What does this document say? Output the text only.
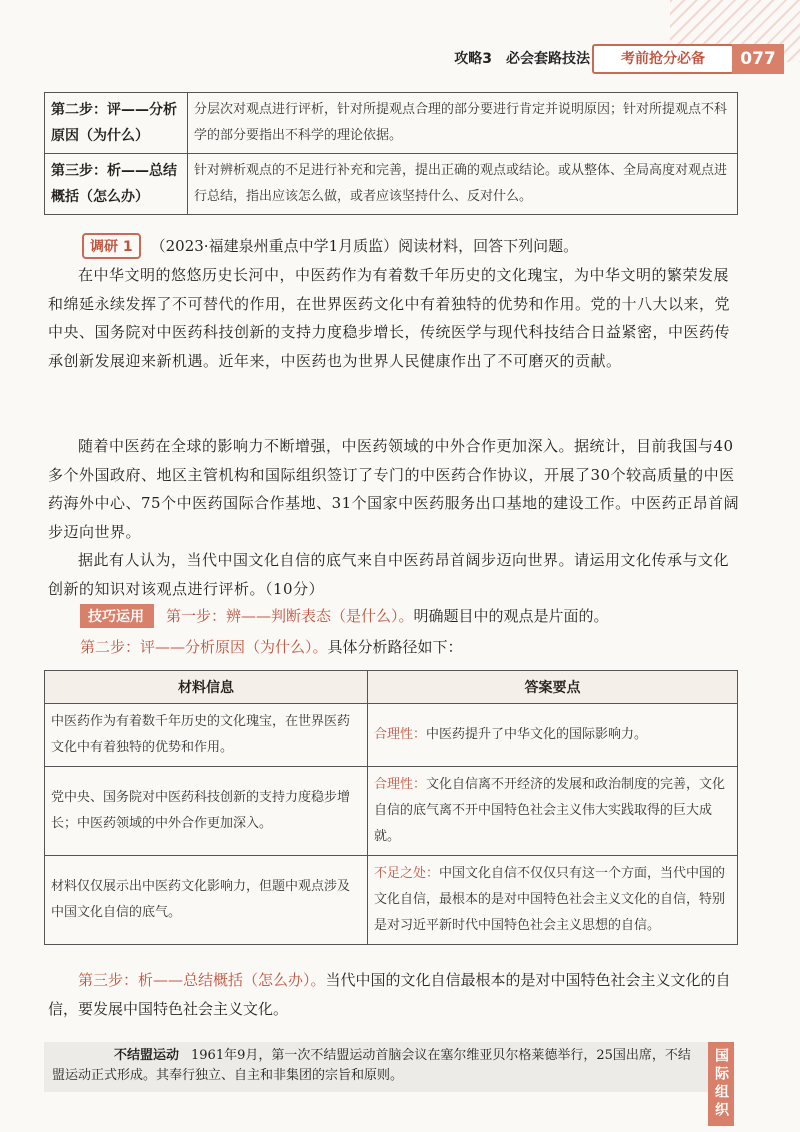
攻略3　必会套路技法	考前抢分必备	077
第二步：评——分析原因（为什么）	分层次对观点进行评析，针对所提观点合理的部分要进行肯定并说明原因；针对所提观点不科学的部分要指出不科学的理论依据。
第三步：析——总结概括（怎么办）	针对辨析观点的不足进行补充和完善，提出正确的观点或结论。或从整体、全局高度对观点进行总结，指出应该怎么做，或者应该坚持什么、反对什么。
调研 1 （2023·福建泉州重点中学1月质监）阅读材料，回答下列问题。

在中华文明的悠悠历史长河中，中医药作为有着数千年历史的文化瑰宝，为中华文明的繁荣发展和绵延永续发挥了不可替代的作用，在世界医药文化中有着独特的优势和作用。党的十八大以来，党中央、国务院对中医药科技创新的支持力度稳步增长，传统医学与现代科技结合日益紧密，中医药传承创新发展迎来新机遇。近年来，中医药也为世界人民健康作出了不可磨灭的贡献。

随着中医药在全球的影响力不断增强，中医药领域的中外合作更加深入。据统计，目前我国与40多个外国政府、地区主管机构和国际组织签订了专门的中医药合作协议，开展了30个较高质量的中医药海外中心、75个中医药国际合作基地、31个国家中医药服务出口基地的建设工作。中医药正昂首阔步迈向世界。

据此有人认为，当代中国文化自信的底气来自中医药昂首阔步迈向世界。请运用文化传承与文化创新的知识对该观点进行评析。（10分）

技巧运用 第一步：辨——判断表态（是什么）。明确题目中的观点是片面的。
第二步：评——分析原因（为什么）。具体分析路径如下：
材料信息	答案要点
中医药作为有着数千年历史的文化瑰宝，在世界医药文化中有着独特的优势和作用。	合理性：中医药提升了中华文化的国际影响力。
党中央、国务院对中医药科技创新的支持力度稳步增长；中医药领域的中外合作更加深入。	合理性：文化自信离不开经济的发展和政治制度的完善，文化自信的底气离不开中国特色社会主义伟大实践取得的巨大成就。
材料仅仅展示出中医药文化影响力，但题中观点涉及中国文化自信的底气。	不足之处：中国文化自信不仅仅只有这一个方面，当代中国的文化自信，最根本的是对中国特色社会主义文化的自信，特别是对习近平新时代中国特色社会主义思想的自信。

第三步：析——总结概括（怎么办）。当代中国的文化自信最根本的是对中国特色社会主义文化的自信，要发展中国特色社会主义文化。

不结盟运动 1961年9月，第一次不结盟运动首脑会议在塞尔维亚贝尔格莱德举行，25国出席，不结盟运动正式形成。其奉行独立、自主和非集团的宗旨和原则。	国际组织
